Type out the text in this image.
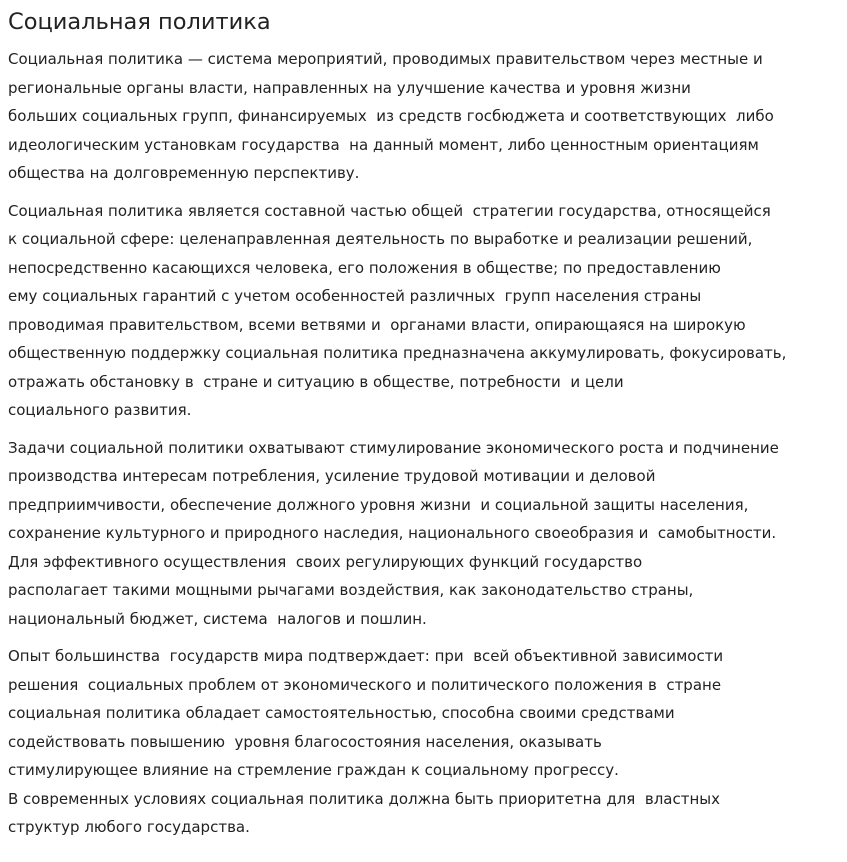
Социальная политика
Социальная политика — система мероприятий, проводимых правительством через местные и
региональные органы власти, направленных на улучшение качества и уровня жизни
больших социальных групп, финансируемых  из средств госбюджета и соответствующих  либо
идеологическим установкам государства  на данный момент, либо ценностным ориентациям
общества на долговременную перспективу.
Социальная политика является составной частью общей  стратегии государства, относящейся
к социальной сфере: целенаправленная деятельность по выработке и реализации решений,
непосредственно касающихся человека, его положения в обществе; по предоставлению
ему социальных гарантий с учетом особенностей различных  групп населения страны
проводимая правительством, всеми ветвями и  органами власти, опирающаяся на широкую
общественную поддержку социальная политика предназначена аккумулировать, фокусировать,
отражать обстановку в  стране и ситуацию в обществе, потребности  и цели
социального развития.
Задачи социальной политики охватывают стимулирование экономического роста и подчинение
производства интересам потребления, усиление трудовой мотивации и деловой
предприимчивости, обеспечение должного уровня жизни  и социальной защиты населения,
сохранение культурного и природного наследия, национального своеобразия и  самобытности.
Для эффективного осуществления  своих регулирующих функций государство
располагает такими мощными рычагами воздействия, как законодательство страны,
национальный бюджет, система  налогов и пошлин.
Опыт большинства  государств мира подтверждает: при  всей объективной зависимости
решения  социальных проблем от экономического и политического положения в  стране
социальная политика обладает самостоятельностью, способна своими средствами
содействовать повышению  уровня благосостояния населения, оказывать
стимулирующее влияние на стремление граждан к социальному прогрессу.
В современных условиях социальная политика должна быть приоритетна для  властных
структур любого государства.
